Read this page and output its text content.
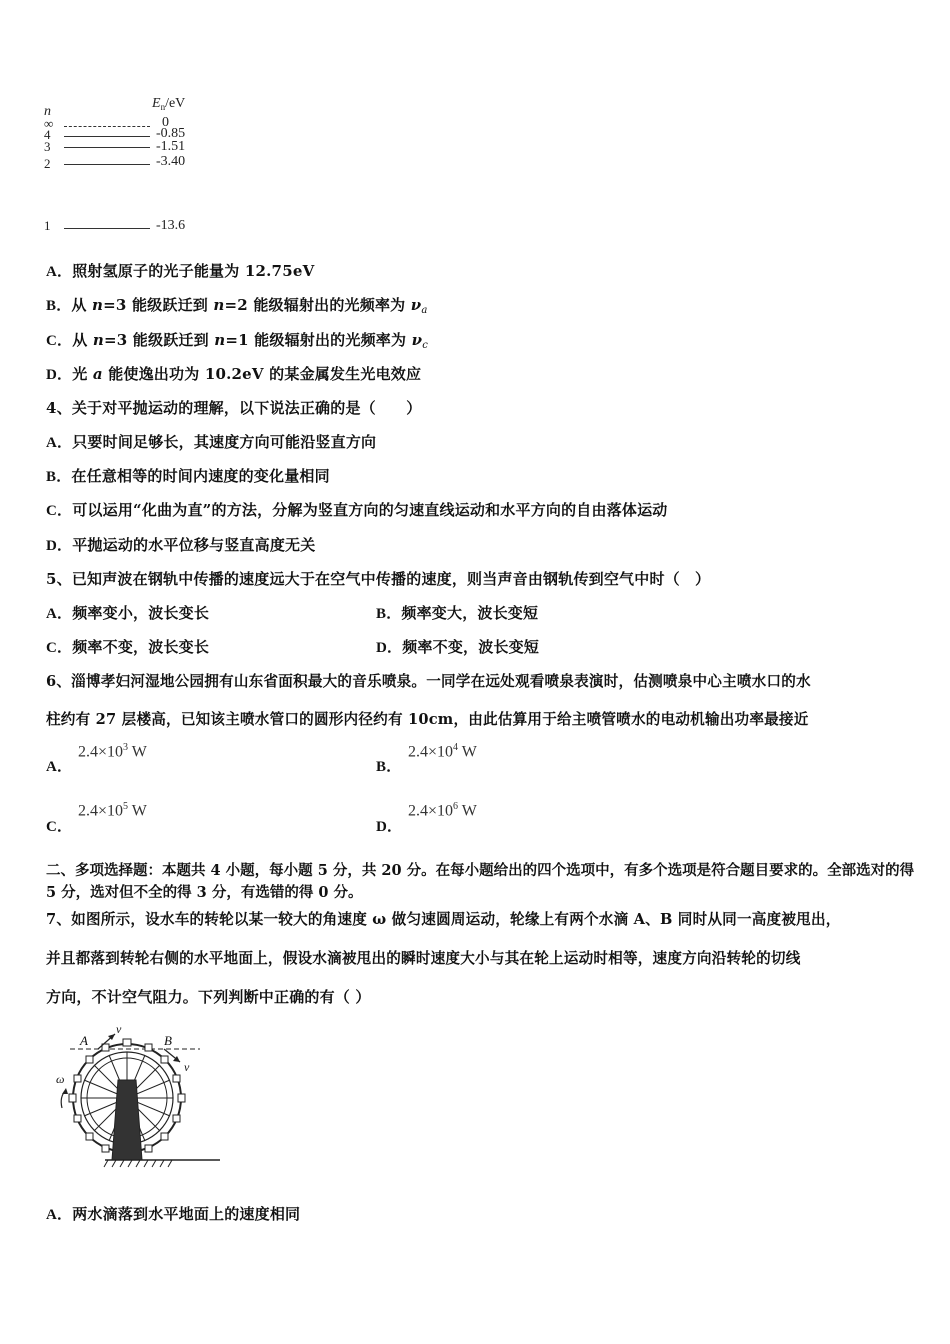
n
$E_n/eV$
∞	0
4	-0.85
3	-1.51
2	-3.40
1	-13.6
A．照射氢原子的光子能量为 12.75eV
B．从 n=3 能级跃迁到 n=2 能级辐射出的光频率为 $\nu_a$
C．从 n=3 能级跃迁到 n=1 能级辐射出的光频率为 $\nu_c$
D．光 a 能使逸出功为 10.2eV 的某金属发生光电效应
4、关于对平抛运动的理解，以下说法正确的是（　　）
A．只要时间足够长，其速度方向可能沿竖直方向
B．在任意相等的时间内速度的变化量相同
C．可以运用“化曲为直”的方法，分解为竖直方向的匀速直线运动和水平方向的自由落体运动
D．平抛运动的水平位移与竖直高度无关
5、已知声波在钢轨中传播的速度远大于在空气中传播的速度，则当声音由钢轨传到空气中时（　）
A．频率变小，波长变长	B．频率变大，波长变短
C．频率不变，波长变长	D．频率不变，波长变短
6、淄博孝妇河湿地公园拥有山东省面积最大的音乐喷泉。一同学在远处观看喷泉表演时，估测喷泉中心主喷水口的水
柱约有 27 层楼高，已知该主喷水管口的圆形内径约有 10cm，由此估算用于给主喷管喷水的电动机输出功率最接近
A．
$2.4\times 10^3$ W
B．
$2.4\times 10^4$ W
C．
$2.4\times 10^5$ W
D．
$2.4\times 10^6$ W
二、多项选择题：本题共 4 小题，每小题 5 分，共 20 分。在每小题给出的四个选项中，有多个选项是符合题目要求的。全部选对的得 5 分，选对但不全的得 3 分，有选错的得 0 分。
7、如图所示，设水车的转轮以某一较大的角速度 ω 做匀速圆周运动，轮缘上有两个水滴 A、B 同时从同一高度被甩出，
并且都落到转轮右侧的水平地面上，假设水滴被甩出的瞬时速度大小与其在轮上运动时相等，速度方向沿转轮的切线
方向，不计空气阻力。下列判断中正确的有（ ）
A
v
B
v
ω
A．两水滴落到水平地面上的速度相同
